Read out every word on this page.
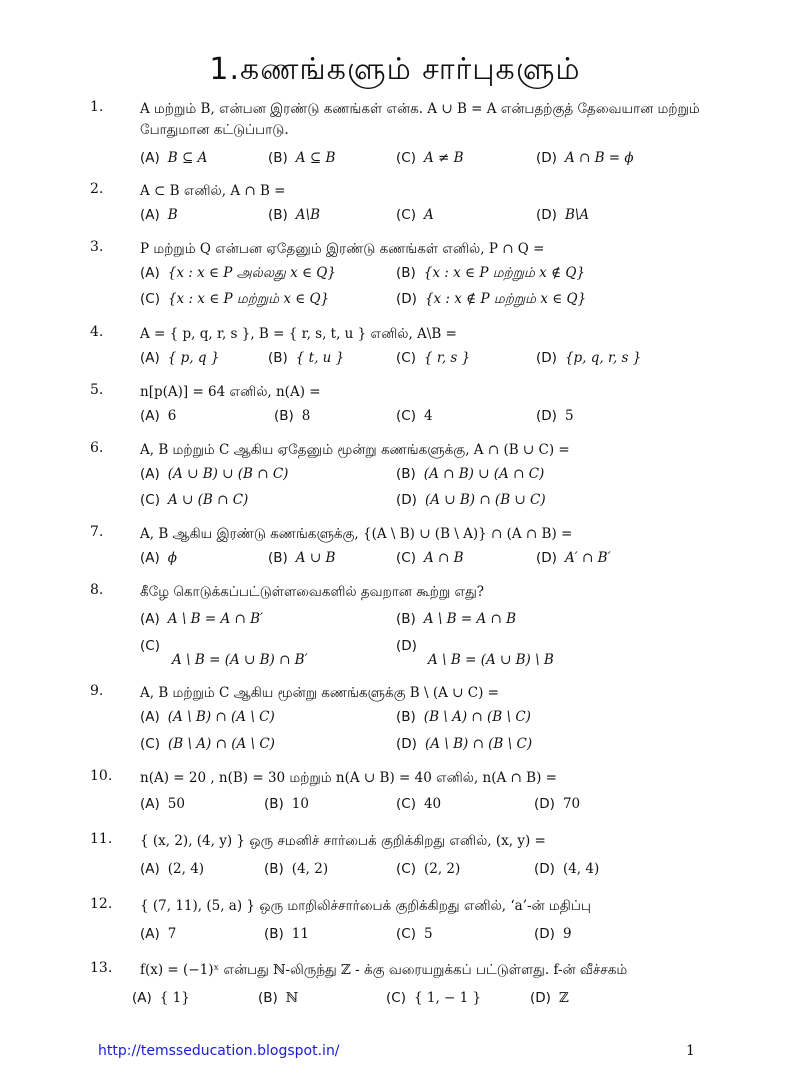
1.கணங்களும் சார்புகளும்
1.	A மற்றும் B, என்பன இரண்டு கணங்கள் என்க. A ∪ B = A என்பதற்குத் தேவையான மற்றும் போதுமான கட்டுப்பாடு.
(A) B ⊆ A	(B) A ⊆ B	(C) A ≠ B	(D) A ∩ B = ϕ
2.	A ⊂ B எனில், A ∩ B =
(A) B	(B) A\B	(C) A	(D) B\A
3.	P மற்றும் Q என்பன ஏதேனும் இரண்டு கணங்கள் எனில், P ∩ Q =
(A) {x : x ∈ P அல்லது x ∈ Q}	(B) {x : x ∈ P மற்றும் x ∉ Q}
(C) {x : x ∈ P மற்றும் x ∈ Q}	(D) {x : x ∉ P மற்றும் x ∈ Q}
4.	A = { p, q, r, s }, B = { r, s, t, u } எனில், A\B =
(A) { p, q }	(B) { t, u }	(C) { r, s }	(D) {p, q, r, s }
5.	n[p(A)] = 64 எனில், n(A) =
(A) 6	(B) 8	(C) 4	(D) 5
6.	A, B மற்றும் C ஆகிய ஏதேனும் மூன்று கணங்களுக்கு, A ∩ (B ∪ C) =
(A) (A ∪ B) ∪ (B ∩ C)	(B) (A ∩ B) ∪ (A ∩ C)
(C) A ∪ (B ∩ C)	(D) (A ∪ B) ∩ (B ∪ C)
7.	A, B ஆகிய இரண்டு கணங்களுக்கு, {(A \ B) ∪ (B \ A)} ∩ (A ∩ B) =
(A) ϕ	(B) A ∪ B	(C) A ∩ B	(D) A′ ∩ B′
8.	கீழே கொடுக்கப்பட்டுள்ளவைகளில் தவறான கூற்று எது?
(A) A \ B = A ∩ B′	(B) A \ B = A ∩ B
(C)
A \ B = (A ∪ B) ∩ B′
(D)
A \ B = (A ∪ B) \ B
9.	A, B மற்றும் C ஆகிய மூன்று கணங்களுக்கு B \ (A ∪ C) =
(A) (A \ B) ∩ (A \ C)	(B) (B \ A) ∩ (B \ C)
(C) (B \ A) ∩ (A \ C)	(D) (A \ B) ∩ (B \ C)
10. n(A) = 20 , n(B) = 30 மற்றும் n(A ∪ B) = 40 எனில், n(A ∩ B) =
(A) 50	(B) 10	(C) 40	(D) 70
11. { (x, 2), (4, y) } ஒரு சமனிச் சார்பைக் குறிக்கிறது எனில், (x, y) =
(A) (2, 4)	(B) (4, 2)	(C) (2, 2)	(D) (4, 4)
12. { (7, 11), (5, a) } ஒரு மாறிலிச்சார்பைக் குறிக்கிறது எனில், ‘a’-ன் மதிப்பு
(A) 7	(B) 11	(C) 5	(D) 9
13. f(x) = (−1)ˣ என்பது ℕ-லிருந்து ℤ - க்கு வரையறுக்கப் பட்டுள்ளது. f-ன் வீச்சகம்
(A) { 1}	(B) ℕ	(C) { 1, − 1 }	(D) ℤ
http://temsseducation.blogspot.in/	1
